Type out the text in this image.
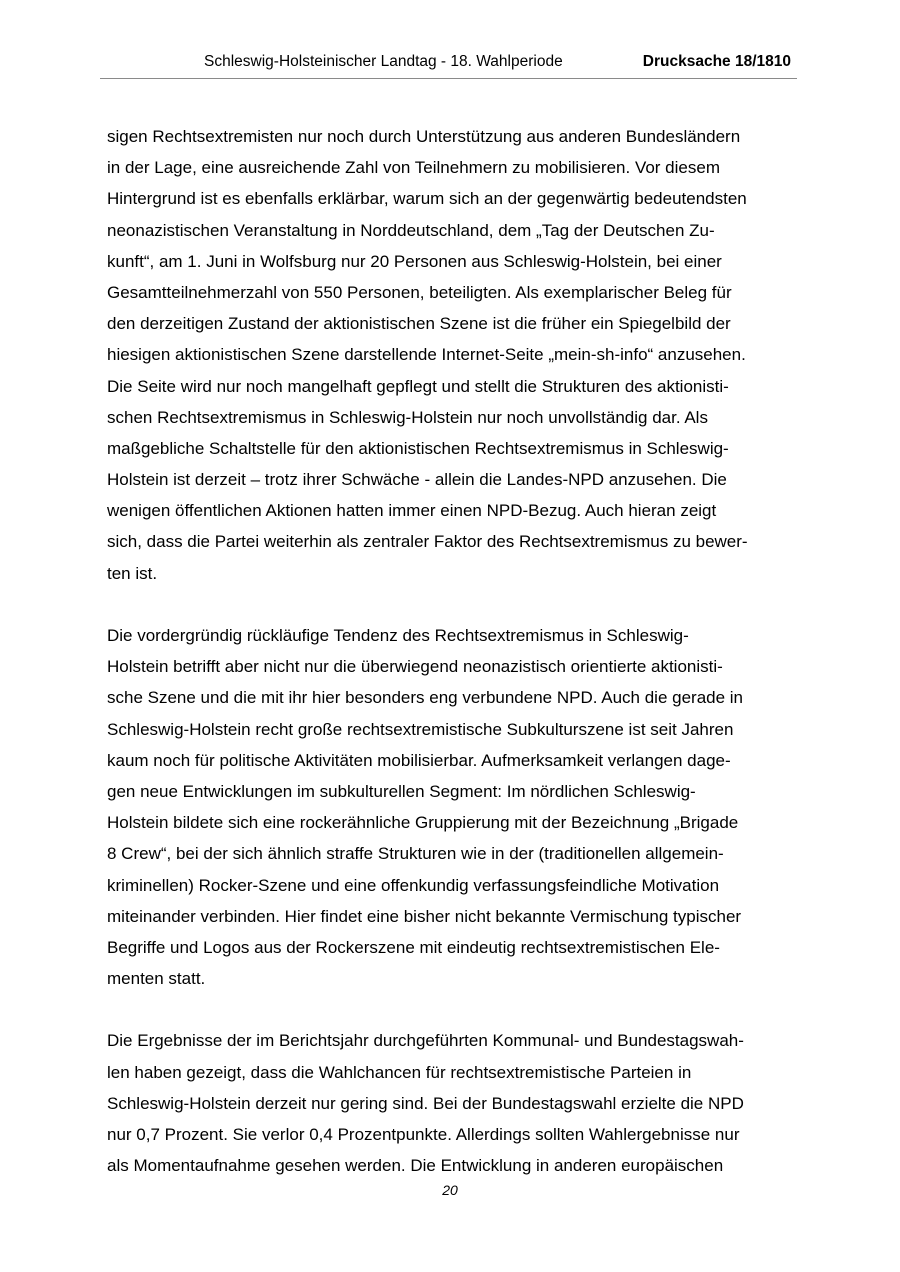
Schleswig-Holsteinischer Landtag - 18. Wahlperiode	Drucksache 18/1810
sigen Rechtsextremisten nur noch durch Unterstützung aus anderen Bundesländern
in der Lage, eine ausreichende Zahl von Teilnehmern zu mobilisieren. Vor diesem
Hintergrund ist es ebenfalls erklärbar, warum sich an der gegenwärtig bedeutendsten
neonazistischen Veranstaltung in Norddeutschland, dem „Tag der Deutschen Zu-
kunft“, am 1. Juni in Wolfsburg nur 20 Personen aus Schleswig-Holstein, bei einer
Gesamtteilnehmerzahl von 550 Personen, beteiligten. Als exemplarischer Beleg für
den derzeitigen Zustand der aktionistischen Szene ist die früher ein Spiegelbild der
hiesigen aktionistischen Szene darstellende Internet-Seite „mein-sh-info“ anzusehen.
Die Seite wird nur noch mangelhaft gepflegt und stellt die Strukturen des aktionisti-
schen Rechtsextremismus in Schleswig-Holstein nur noch unvollständig dar. Als
maßgebliche Schaltstelle für den aktionistischen Rechtsextremismus in Schleswig-
Holstein ist derzeit – trotz ihrer Schwäche - allein die Landes-NPD anzusehen. Die
wenigen öffentlichen Aktionen hatten immer einen NPD-Bezug. Auch hieran zeigt
sich, dass die Partei weiterhin als zentraler Faktor des Rechtsextremismus zu bewer-
ten ist.
Die vordergründig rückläufige Tendenz des Rechtsextremismus in Schleswig-
Holstein betrifft aber nicht nur die überwiegend neonazistisch orientierte aktionisti-
sche Szene und die mit ihr hier besonders eng verbundene NPD. Auch die gerade in
Schleswig-Holstein recht große rechtsextremistische Subkulturszene ist seit Jahren
kaum noch für politische Aktivitäten mobilisierbar. Aufmerksamkeit verlangen dage-
gen neue Entwicklungen im subkulturellen Segment: Im nördlichen Schleswig-
Holstein bildete sich eine rockerähnliche Gruppierung mit der Bezeichnung „Brigade
8 Crew“, bei der sich ähnlich straffe Strukturen wie in der (traditionellen allgemein-
kriminellen) Rocker-Szene und eine offenkundig verfassungsfeindliche Motivation
miteinander verbinden. Hier findet eine bisher nicht bekannte Vermischung typischer
Begriffe und Logos aus der Rockerszene mit eindeutig rechtsextremistischen Ele-
menten statt.
Die Ergebnisse der im Berichtsjahr durchgeführten Kommunal- und Bundestagswah-
len haben gezeigt, dass die Wahlchancen für rechtsextremistische Parteien in
Schleswig-Holstein derzeit nur gering sind. Bei der Bundestagswahl erzielte die NPD
nur 0,7 Prozent. Sie verlor 0,4 Prozentpunkte. Allerdings sollten Wahlergebnisse nur
als Momentaufnahme gesehen werden. Die Entwicklung in anderen europäischen
20
